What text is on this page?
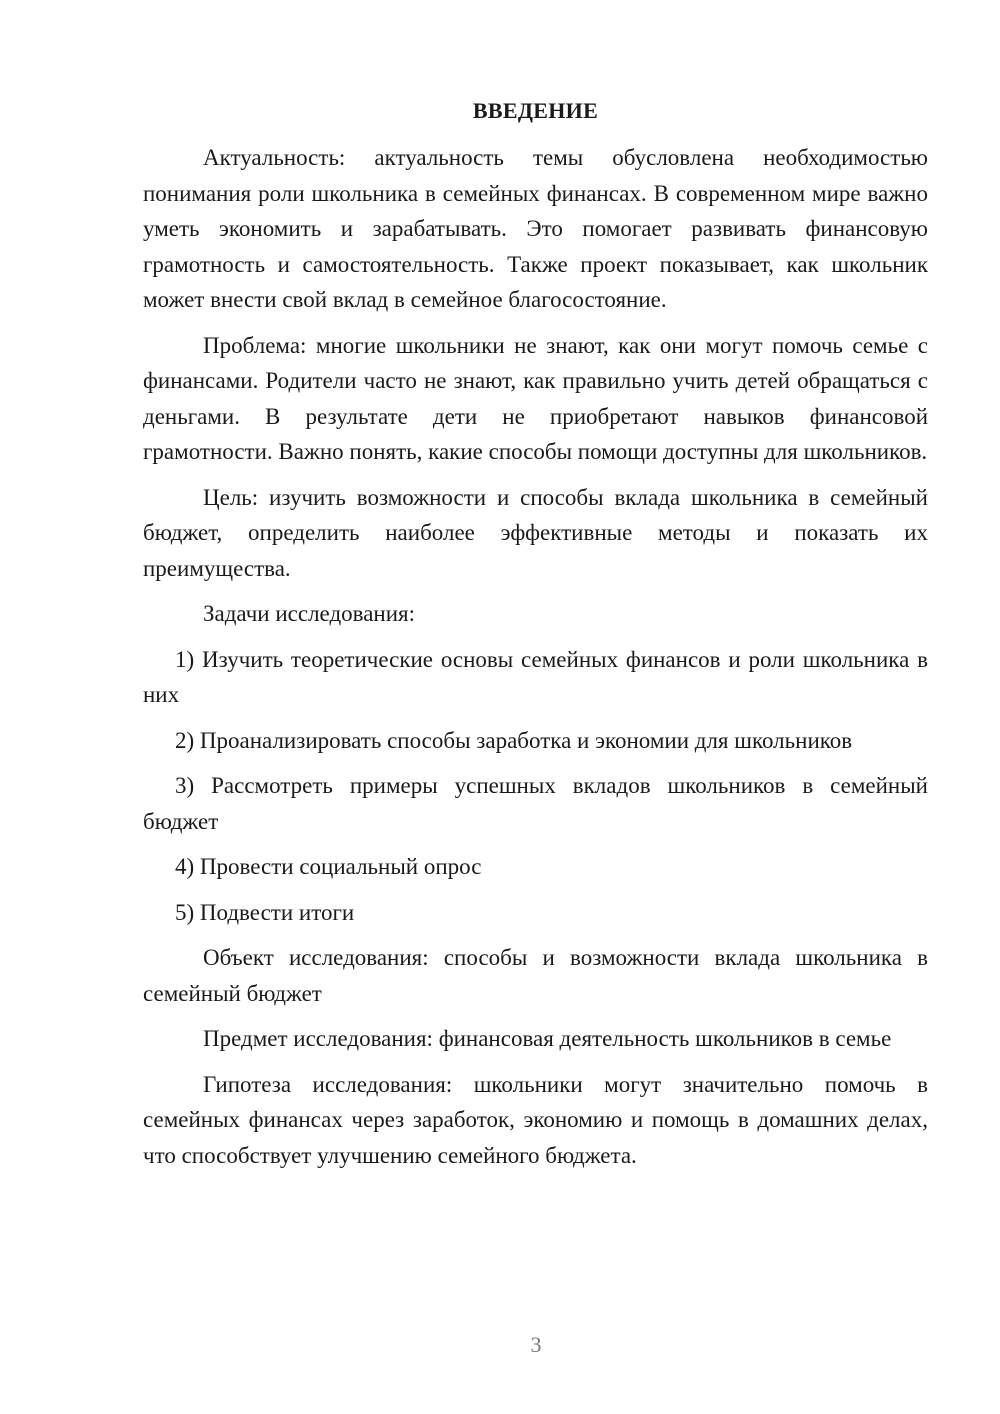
ВВЕДЕНИЕ

Актуальность: актуальность темы обусловлена необходимостью понимания роли школьника в семейных финансах. В современном мире важно уметь экономить и зарабатывать. Это помогает развивать финансовую грамотность и самостоятельность. Также проект показывает, как школьник может внести свой вклад в семейное благосостояние.

Проблема: многие школьники не знают, как они могут помочь семье с финансами. Родители часто не знают, как правильно учить детей обращаться с деньгами. В результате дети не приобретают навыков финансовой грамотности. Важно понять, какие способы помощи доступны для школьников.

Цель: изучить возможности и способы вклада школьника в семейный бюджет, определить наиболее эффективные методы и показать их преимущества.

Задачи исследования:

1) Изучить теоретические основы семейных финансов и роли школьника в них

2) Проанализировать способы заработка и экономии для школьников

3) Рассмотреть примеры успешных вкладов школьников в семейный бюджет

4) Провести социальный опрос

5) Подвести итоги

Объект исследования: способы и возможности вклада школьника в семейный бюджет

Предмет исследования: финансовая деятельность школьников в семье

Гипотеза исследования: школьники могут значительно помочь в семейных финансах через заработок, экономию и помощь в домашних делах, что способствует улучшению семейного бюджета.

3
